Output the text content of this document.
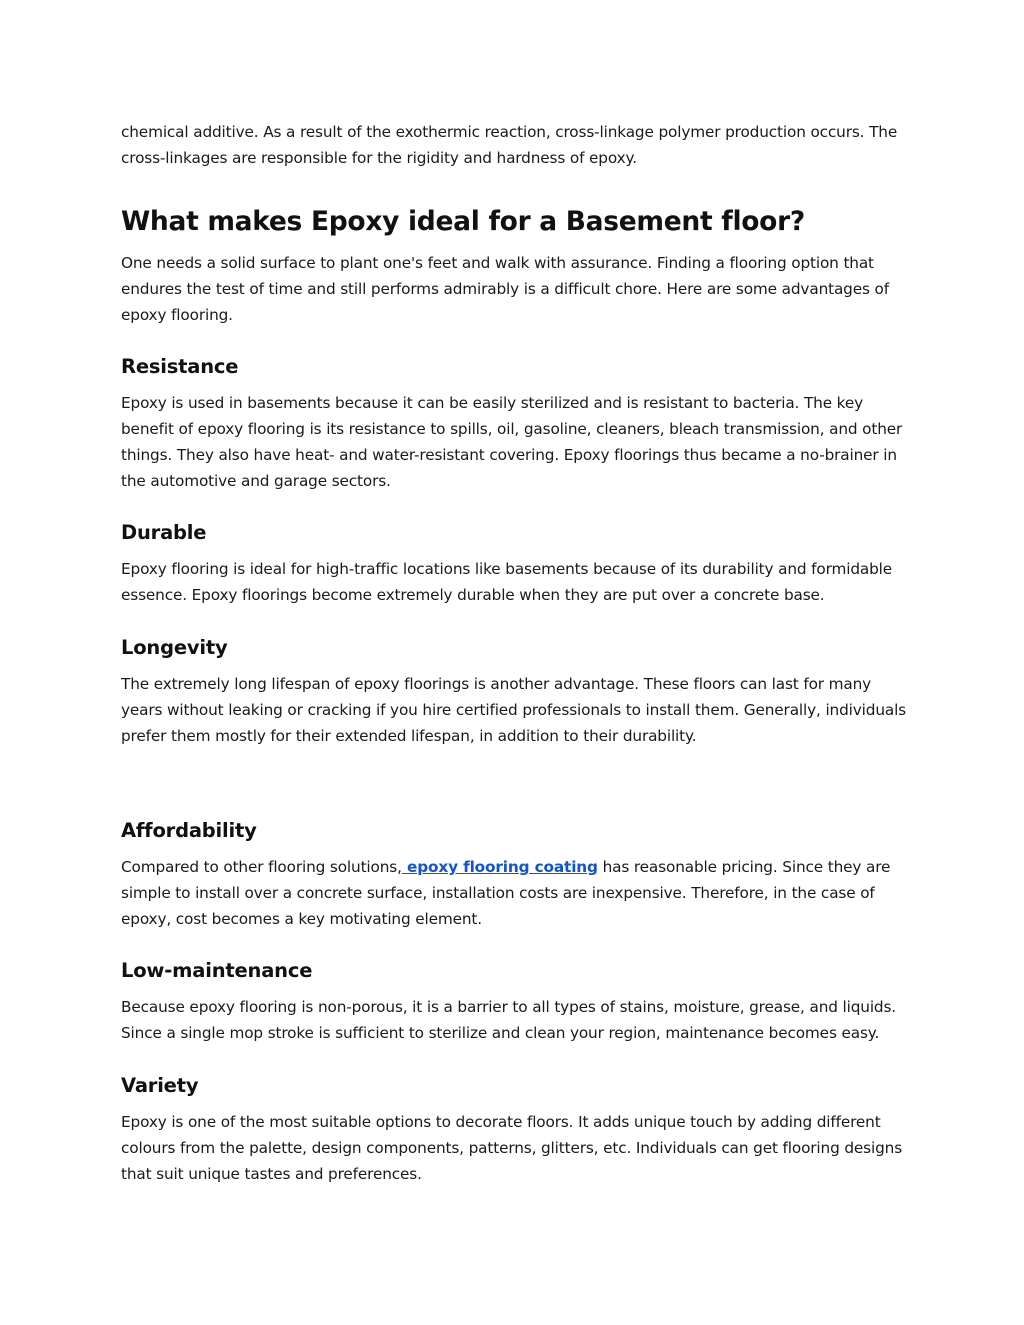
chemical additive. As a result of the exothermic reaction, cross-linkage polymer production occurs. The cross-linkages are responsible for the rigidity and hardness of epoxy.

What makes Epoxy ideal for a Basement floor?

One needs a solid surface to plant one's feet and walk with assurance. Finding a flooring option that endures the test of time and still performs admirably is a difficult chore. Here are some advantages of epoxy flooring.

Resistance

Epoxy is used in basements because it can be easily sterilized and is resistant to bacteria. The key benefit of epoxy flooring is its resistance to spills, oil, gasoline, cleaners, bleach transmission, and other things. They also have heat- and water-resistant covering. Epoxy floorings thus became a no-brainer in the automotive and garage sectors.

Durable

Epoxy flooring is ideal for high-traffic locations like basements because of its durability and formidable essence. Epoxy floorings become extremely durable when they are put over a concrete base.

Longevity

The extremely long lifespan of epoxy floorings is another advantage. These floors can last for many years without leaking or cracking if you hire certified professionals to install them. Generally, individuals prefer them mostly for their extended lifespan, in addition to their durability.

Affordability

Compared to other flooring solutions, epoxy flooring coating has reasonable pricing. Since they are simple to install over a concrete surface, installation costs are inexpensive. Therefore, in the case of epoxy, cost becomes a key motivating element.

Low-maintenance

Because epoxy flooring is non-porous, it is a barrier to all types of stains, moisture, grease, and liquids. Since a single mop stroke is sufficient to sterilize and clean your region, maintenance becomes easy.

Variety

Epoxy is one of the most suitable options to decorate floors. It adds unique touch by adding different colours from the palette, design components, patterns, glitters, etc. Individuals can get flooring designs that suit unique tastes and preferences.
